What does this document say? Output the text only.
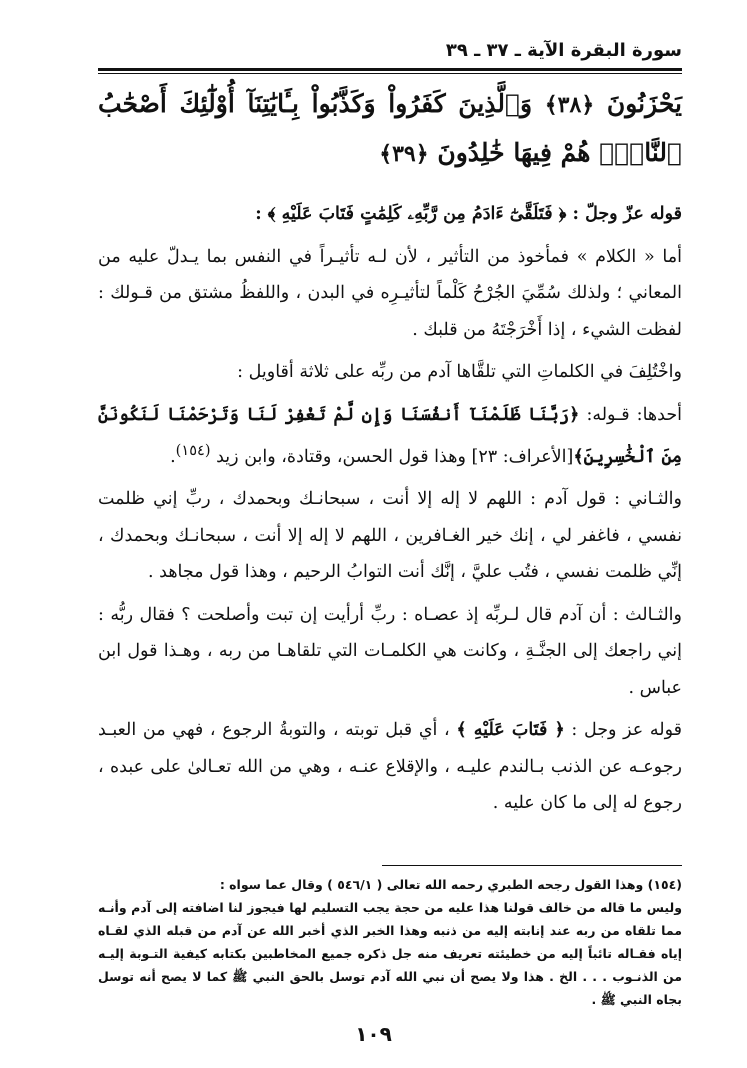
سورة البقرة الآية ـ ٣٧ ـ ٣٩
يَحْزَنُونَ ﴿٣٨﴾ وَٱلَّذِينَ كَفَرُواْ وَكَذَّبُواْ بِـَٔايَٰتِنَآ أُوْلَٰٓئِكَ أَصْحَٰبُ ٱلنَّارِۖ هُمْ فِيهَا خَٰلِدُونَ ﴿٣٩﴾

قوله عزّ وجلّ : ﴿ فَتَلَقَّىٰٓ ءَادَمُ مِن رَّبِّهِۦ كَلِمَٰتٍ فَتَابَ عَلَيْهِ ﴾ :

أما « الكلام » فمأخوذ من التأثير ، لأن لـه تأثيـراً في النفس بما يـدلّ عليه من المعاني ؛ ولذلك سُمِّيَ الجُرْحُ كَلْماً لتأثيـرِه في البدن ، واللفظُ مشتق من قـولك : لفظت الشيء ، إذا أَخْرَجْتَهُ من قلبك .

واخْتُلِفَ في الكلماتِ التي تلقَّاها آدم من ربِّه على ثلاثة أقاويل :

أحدها: قـوله: ﴿رَبَّنَا ظَلَمْنَآ أَنفُسَنَا وَإِن لَّمْ تَغْفِرْ لَنَا وَتَرْحَمْنَا لَنَكُونَنَّ مِنَ ٱلْخَٰسِرِينَ﴾[الأعراف: ٢٣] وهذا قول الحسن، وقتادة، وابن زيد $^{(١٥٤)}$.

والثـاني : قول آدم : اللهم لا إله إلا أنت ، سبحانـك وبحمدك ، ربِّ إني ظلمت نفسي ، فاغفر لي ، إنك خير الغـافرين ، اللهم لا إله إلا أنت ، سبحانـك وبحمدك ، إنِّي ظلمت نفسي ، فتُب عليَّ ، إنَّك أنت التوابُ الرحيم ، وهذا قول مجاهد .

والثـالث : أن آدم قال لـربِّه إذ عصـاه : ربِّ أرأيت إن تبت وأصلحت ؟ فقال ربُّه : إني راجعك إلى الجنَّـةِ ، وكانت هي الكلمـات التي تلقاهـا من ربه ، وهـذا قول ابن عباس .

قوله عز وجل : ﴿ فَتَابَ عَلَيْهِ ﴾ ، أي قبل توبته ، والتوبةُ الرجوع ، فهي من العبـد رجوعـه عن الذنب بـالندم عليـه ، والإقلاع عنـه ، وهي من الله تعـالىٰ على عبده ، رجوع له إلى ما كان عليه .

(١٥٤) وهذا القول رجحه الطبري رحمه الله تعالى ( ٥٤٦/١ ) وقال عما سواه :

وليس ما قاله من خالف قولنا هذا عليه من حجة يجب التسليم لها فيجوز لنا اضافته إلى آدم وأنـه مما تلقاه من ربه عند إنابته إليه من ذنبه وهذا الخبر الذي أخبر الله عن آدم من قبله الذي لقـاه إياه فقـاله تائباً إليه من خطيئته تعريف منه جل ذكره جميع المخاطبين بكتابه كيفية التـوبة إليـه من الذنـوب . . . الخ . هذا ولا يصح أن نبي الله آدم توسل بالحق النبي ﷺ كما لا يصح أنه توسل بجاه النبي ﷺ .

١٠٩
